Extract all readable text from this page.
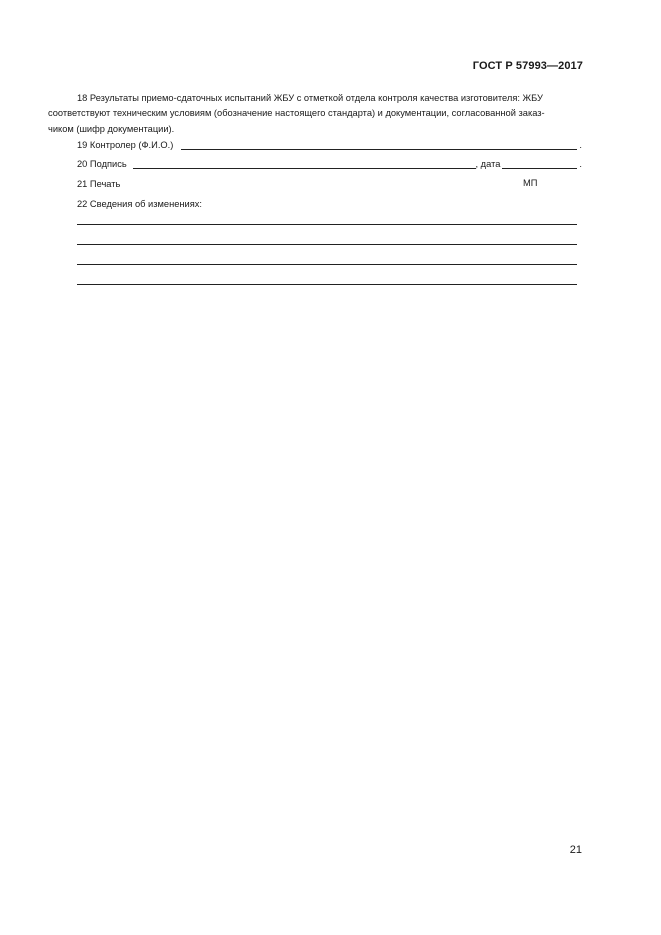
ГОСТ Р 57993—2017
18 Результаты приемо-сдаточных испытаний ЖБУ с отметкой отдела контроля качества изготовителя: ЖБУ
соответствуют техническим условиям (обозначение настоящего стандарта) и документации, согласованной заказ-
чиком (шифр документации).
19 Контролер (Ф.И.О.)	.
20 Подпись	, дата	.
21 Печать	МП
22 Сведения об изменениях:
21
